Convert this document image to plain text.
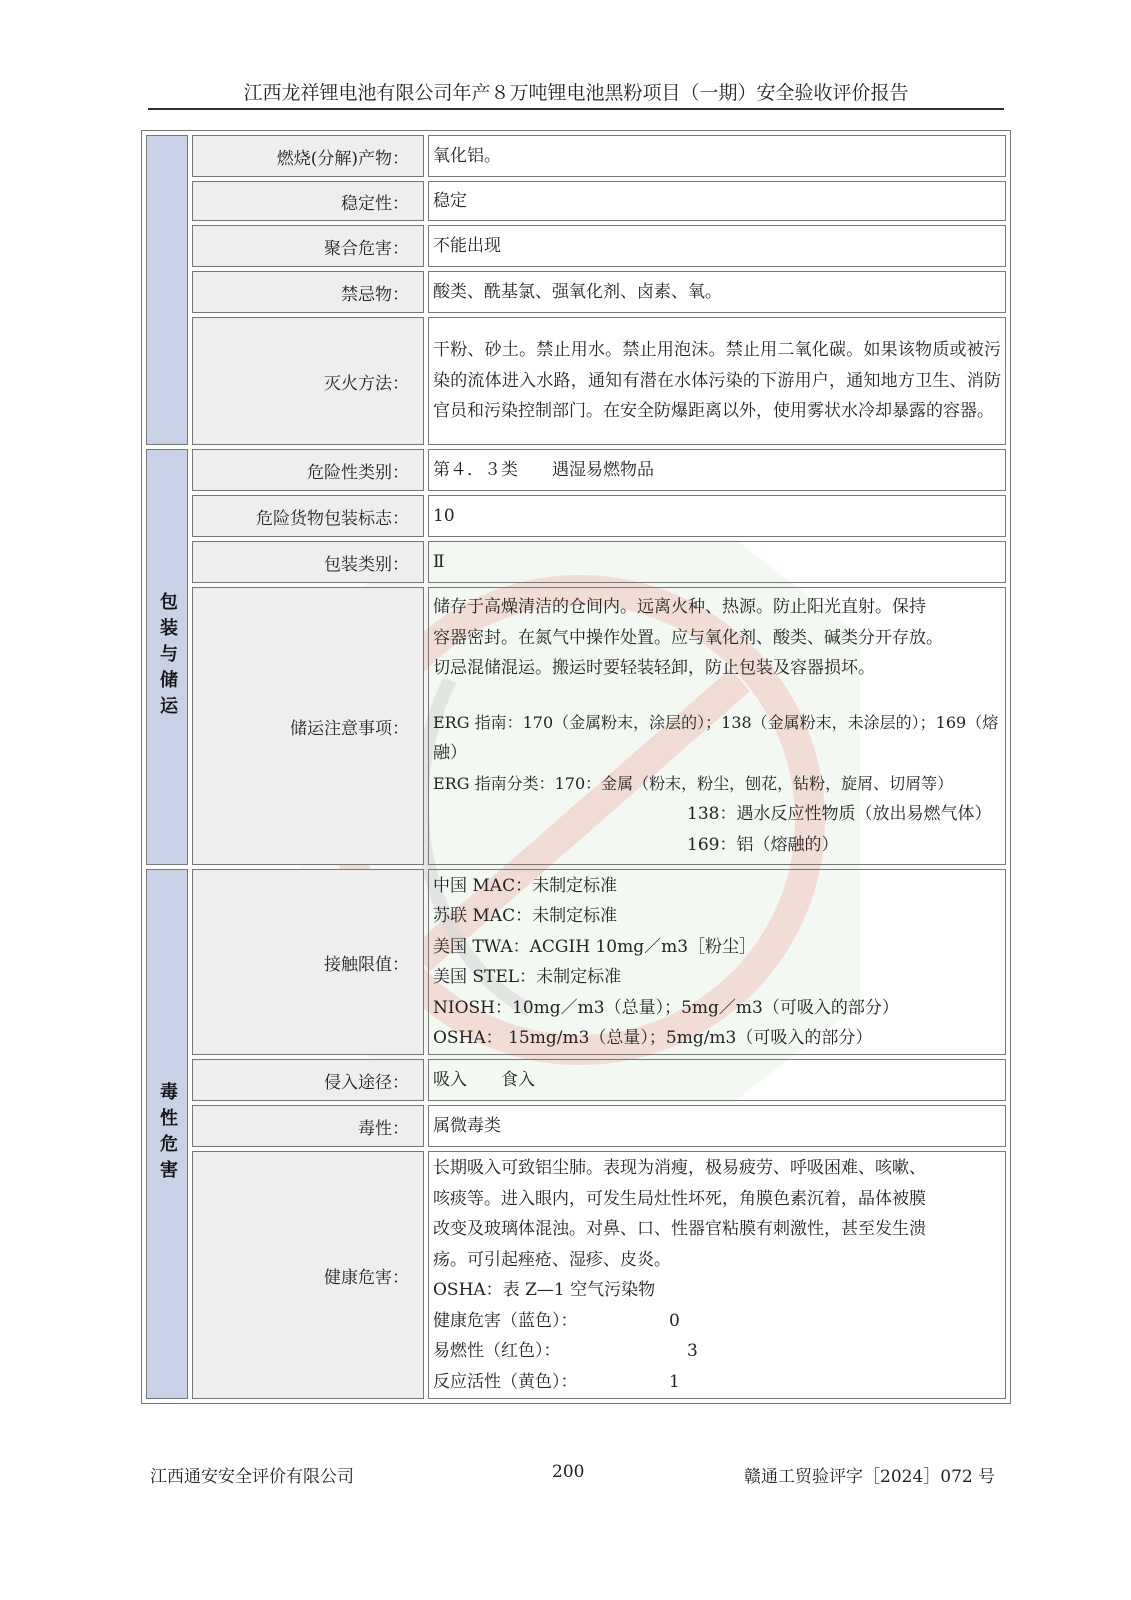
江西龙祥锂电池有限公司年产８万吨锂电池黑粉项目（一期）安全验收评价报告
燃烧(分解)产物：	氧化铝。
稳定性：	稳定
聚合危害：	不能出现
禁忌物：	酸类、酰基氯、强氧化剂、卤素、氧。
灭火方法：
干粉、砂土。禁止用水。禁止用泡沫。禁止用二氧化碳。如果该物质或被污染的流体进入水路，通知有潜在水体污染的下游用户，通知地方卫生、消防官员和污染控制部门。在安全防爆距离以外，使用雾状水冷却暴露的容器。
包装与储运
危险性类别：	第４．３类　　遇湿易燃物品
危险货物包装标志：	10
包装类别：	Ⅱ
储运注意事项：
储存于高燥清洁的仓间内。远离火种、热源。防止阳光直射。保持
容器密封。在氮气中操作处置。应与氧化剂、酸类、碱类分开存放。
切忌混储混运。搬运时要轻装轻卸，防止包装及容器损坏。
ERG 指南：170（金属粉末，涂层的）；138（金属粉末，未涂层的）；169（熔
融）
ERG 指南分类：170：金属（粉末，粉尘，刨花，钻粉，旋屑、切屑等）
138：遇水反应性物质（放出易燃气体）
169：铝（熔融的）
毒性危害
接触限值：
中国 MAC：未制定标准
苏联 MAC：未制定标准
美国 TWA：ACGIH 10mg／m3［粉尘］
美国 STEL：未制定标准
NIOSH：10mg／m3（总量）；5mg／m3（可吸入的部分）
OSHA： 15mg/m3（总量）；5mg/m3（可吸入的部分）
侵入途径：	吸入　　食入
毒性：	属微毒类
健康危害：
长期吸入可致铝尘肺。表现为消瘦，极易疲劳、呼吸困难、咳嗽、
咳痰等。进入眼内，可发生局灶性坏死，角膜色素沉着，晶体被膜
改变及玻璃体混浊。对鼻、口、性器官粘膜有刺激性，甚至发生溃
疡。可引起痤疮、湿疹、皮炎。
OSHA：表 Z—1 空气污染物
健康危害（蓝色）：	0
易燃性（红色）：	3
反应活性（黄色）：	1
江西通安安全评价有限公司	200	赣通工贸验评字［2024］072 号
